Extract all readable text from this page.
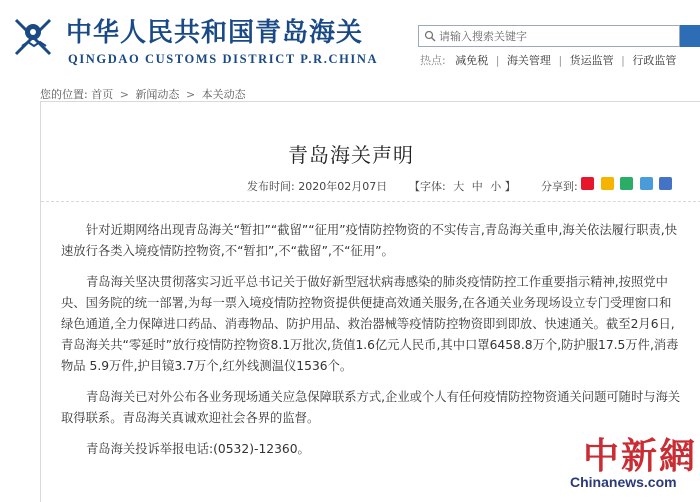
中华人民共和国青岛海关
QINGDAO CUSTOMS DISTRICT P.R.CHINA
请输入搜索关键字	热点: 减免税 | 海关管理 | 货运监管 | 行政监管
您的位置: 首页 > 新闻动态 > 本关动态
青岛海关声明
发布时间: 2020年02月07日 【字体: 大 中 小 】 分享到:

针对近期网络出现青岛海关“暂扣”“截留”“征用”疫情防控物资的不实传言,青岛海关重申,海关依法履行职责,快速放行各类入境疫情防控物资,不“暂扣”,不“截留”,不“征用”。

青岛海关坚决贯彻落实习近平总书记关于做好新型冠状病毒感染的肺炎疫情防控工作重要指示精神,按照党中央、国务院的统一部署,为每一票入境疫情防控物资提供便捷高效通关服务,在各通关业务现场设立专门受理窗口和绿色通道,全力保障进口药品、消毒物品、防护用品、救治器械等疫情防控物资即到即放、快速通关。截至2月6日,青岛海关共“零延时”放行疫情防控物资8.1万批次,货值1.6亿元人民币,其中口罩6458.8万个,防护服17.5万件,消毒物品 5.9万件,护目镜3.7万个,红外线测温仪1536个。

青岛海关已对外公布各业务现场通关应急保障联系方式,企业或个人有任何疫情防控物资通关问题可随时与海关取得联系。青岛海关真诚欢迎社会各界的监督。

青岛海关投诉举报电话:(0532)-12360。	中新網
Chinanews.com
